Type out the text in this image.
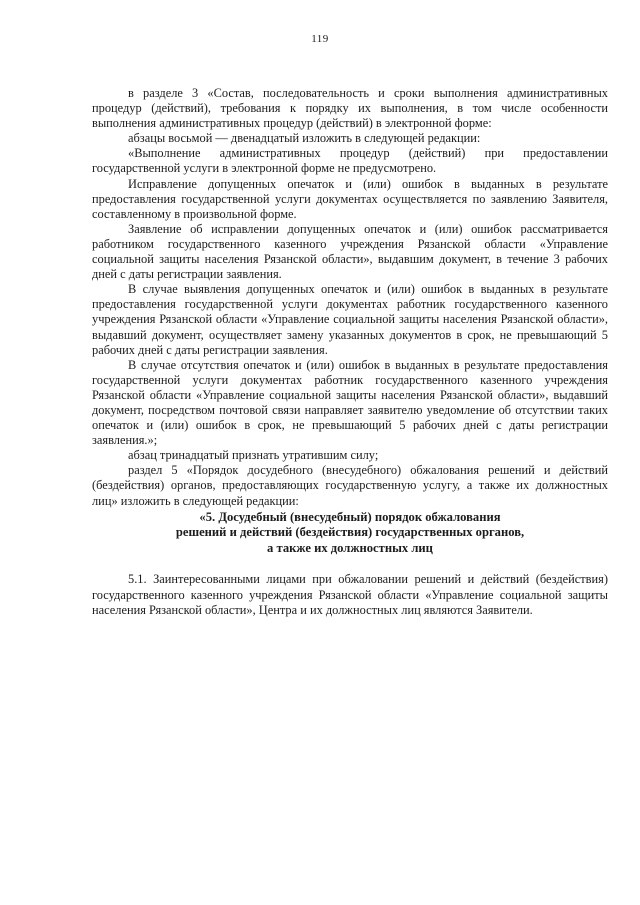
119

в разделе 3 «Состав, последовательность и сроки выполнения административных процедур (действий), требования к порядку их выполнения, в том числе особенности выполнения административных процедур (действий) в электронной форме:

абзацы восьмой — двенадцатый изложить в следующей редакции:

«Выполнение административных процедур (действий) при предоставлении государственной услуги в электронной форме не предусмотрено.

Исправление допущенных опечаток и (или) ошибок в выданных в результате предоставления государственной услуги документах осуществляется по заявлению Заявителя, составленному в произвольной форме.

Заявление об исправлении допущенных опечаток и (или) ошибок рассматривается работником государственного казенного учреждения Рязанской области «Управление социальной защиты населения Рязанской области», выдавшим документ, в течение 3 рабочих дней с даты регистрации заявления.

В случае выявления допущенных опечаток и (или) ошибок в выданных в результате предоставления государственной услуги документах работник государственного казенного учреждения Рязанской области «Управление социальной защиты населения Рязанской области», выдавший документ, осуществляет замену указанных документов в срок, не превышающий 5 рабочих дней с даты регистрации заявления.

В случае отсутствия опечаток и (или) ошибок в выданных в результате предоставления государственной услуги документах работник государственного казенного учреждения Рязанской области «Управление социальной защиты населения Рязанской области», выдавший документ, посредством почтовой связи направляет заявителю уведомление об отсутствии таких опечаток и (или) ошибок в срок, не превышающий 5 рабочих дней с даты регистрации заявления.»;

абзац тринадцатый признать утратившим силу;

раздел 5 «Порядок досудебного (внесудебного) обжалования решений и действий (бездействия) органов, предоставляющих государственную услугу, а также их должностных лиц» изложить в следующей редакции:

«5. Досудебный (внесудебный) порядок обжалования
решений и действий (бездействия) государственных органов,
а также их должностных лиц

5.1. Заинтересованными лицами при обжаловании решений и действий (бездействия) государственного казенного учреждения Рязанской области «Управление социальной защиты населения Рязанской области», Центра и их должностных лиц являются Заявители.
